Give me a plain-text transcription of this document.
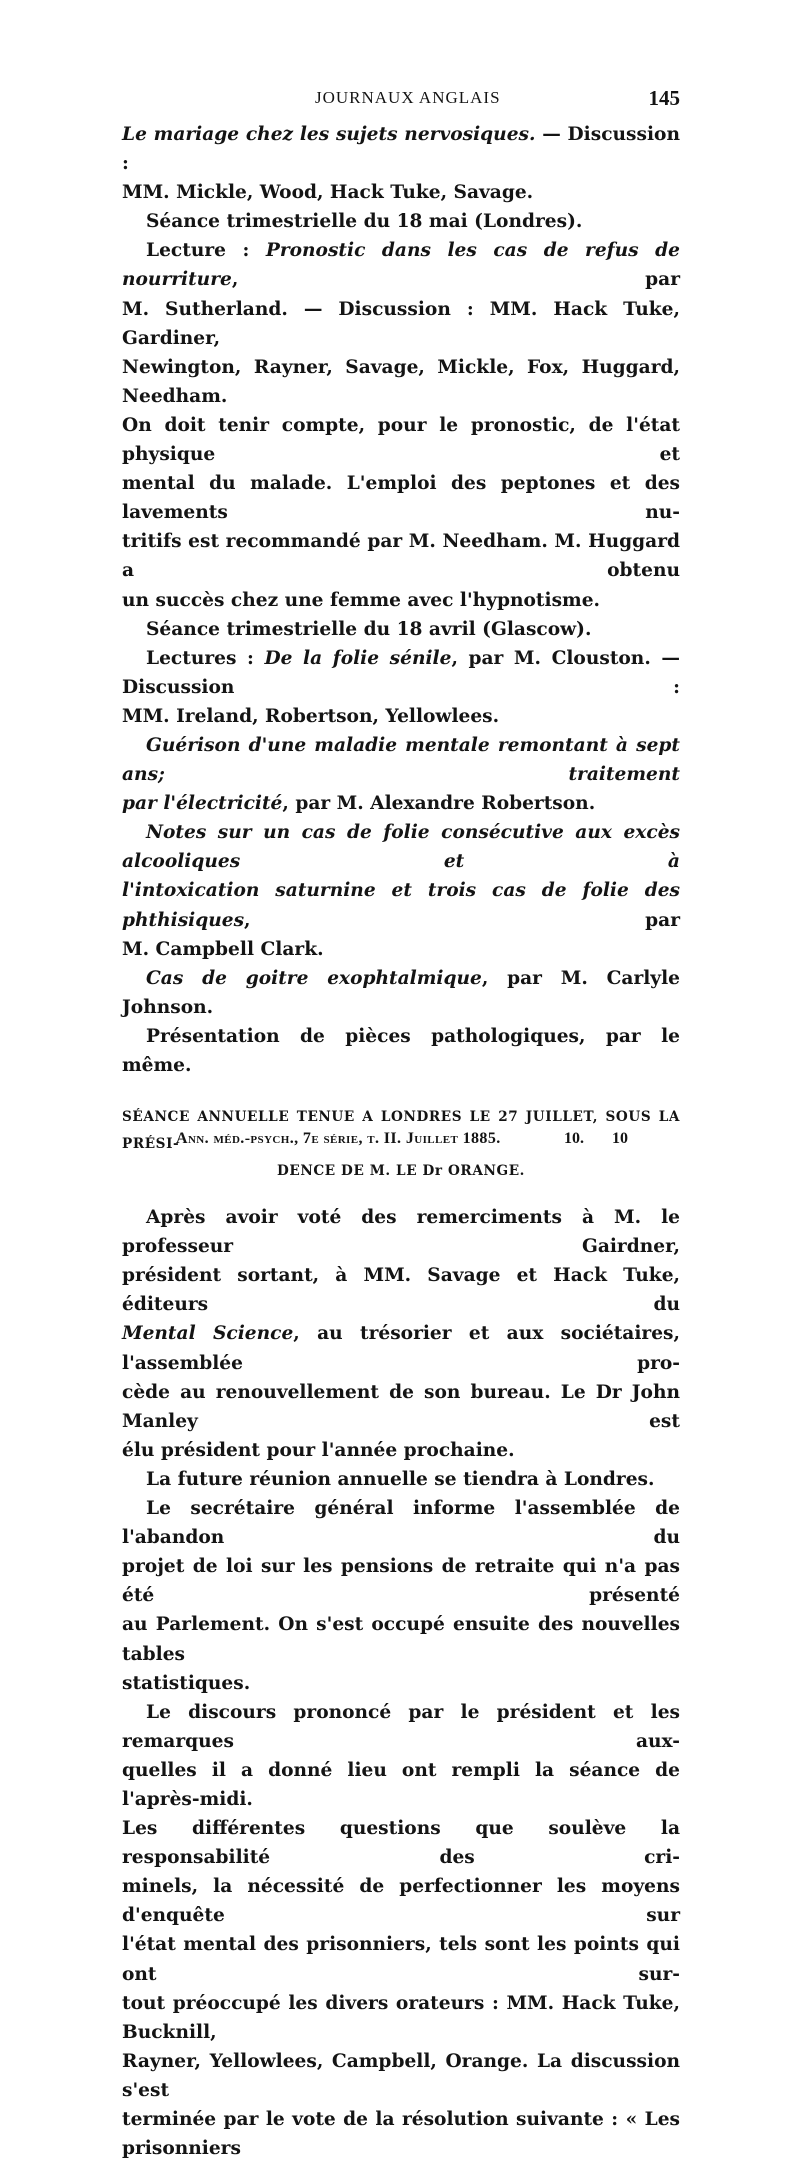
JOURNAUX ANGLAIS	145
Le mariage chez les sujets nervosiques. — Discussion :
MM. Mickle, Wood, Hack Tuke, Savage.
Séance trimestrielle du 18 mai (Londres).
Lecture : Pronostic dans les cas de refus de nourriture, par
M. Sutherland. — Discussion : MM. Hack Tuke, Gardiner,
Newington, Rayner, Savage, Mickle, Fox, Huggard, Needham.
On doit tenir compte, pour le pronostic, de l'état physique et
mental du malade. L'emploi des peptones et des lavements nu-
tritifs est recommandé par M. Needham. M. Huggard a obtenu
un succès chez une femme avec l'hypnotisme.
Séance trimestrielle du 18 avril (Glascow).
Lectures : De la folie sénile, par M. Clouston. — Discussion :
MM. Ireland, Robertson, Yellowlees.
Guérison d'une maladie mentale remontant à sept ans; traitement
par l'électricité, par M. Alexandre Robertson.
Notes sur un cas de folie consécutive aux excès alcooliques et à
l'intoxication saturnine et trois cas de folie des phthisiques, par
M. Campbell Clark.
Cas de goitre exophtalmique, par M. Carlyle Johnson.
Présentation de pièces pathologiques, par le même.
SÉANCE ANNUELLE TENUE A LONDRES LE 27 JUILLET, SOUS LA PRÉSI-
DENCE DE M. LE Dr ORANGE.
Après avoir voté des remerciments à M. le professeur Gairdner,
président sortant, à MM. Savage et Hack Tuke, éditeurs du
Mental Science, au trésorier et aux sociétaires, l'assemblée pro-
cède au renouvellement de son bureau. Le Dr John Manley est
élu président pour l'année prochaine.
La future réunion annuelle se tiendra à Londres.
Le secrétaire général informe l'assemblée de l'abandon du
projet de loi sur les pensions de retraite qui n'a pas été présenté
au Parlement. On s'est occupé ensuite des nouvelles tables
statistiques.
Le discours prononcé par le président et les remarques aux-
quelles il a donné lieu ont rempli la séance de l'après-midi.
Les différentes questions que soulève la responsabilité des cri-
minels, la nécessité de perfectionner les moyens d'enquête sur
l'état mental des prisonniers, tels sont les points qui ont sur-
tout préoccupé les divers orateurs : MM. Hack Tuke, Bucknill,
Rayner, Yellowlees, Campbell, Orange. La discussion s'est
terminée par le vote de la résolution suivante : « Les prisonniers
Ann. méd.-psych., 7e série, t. II. Juillet 1885.	10. 10
